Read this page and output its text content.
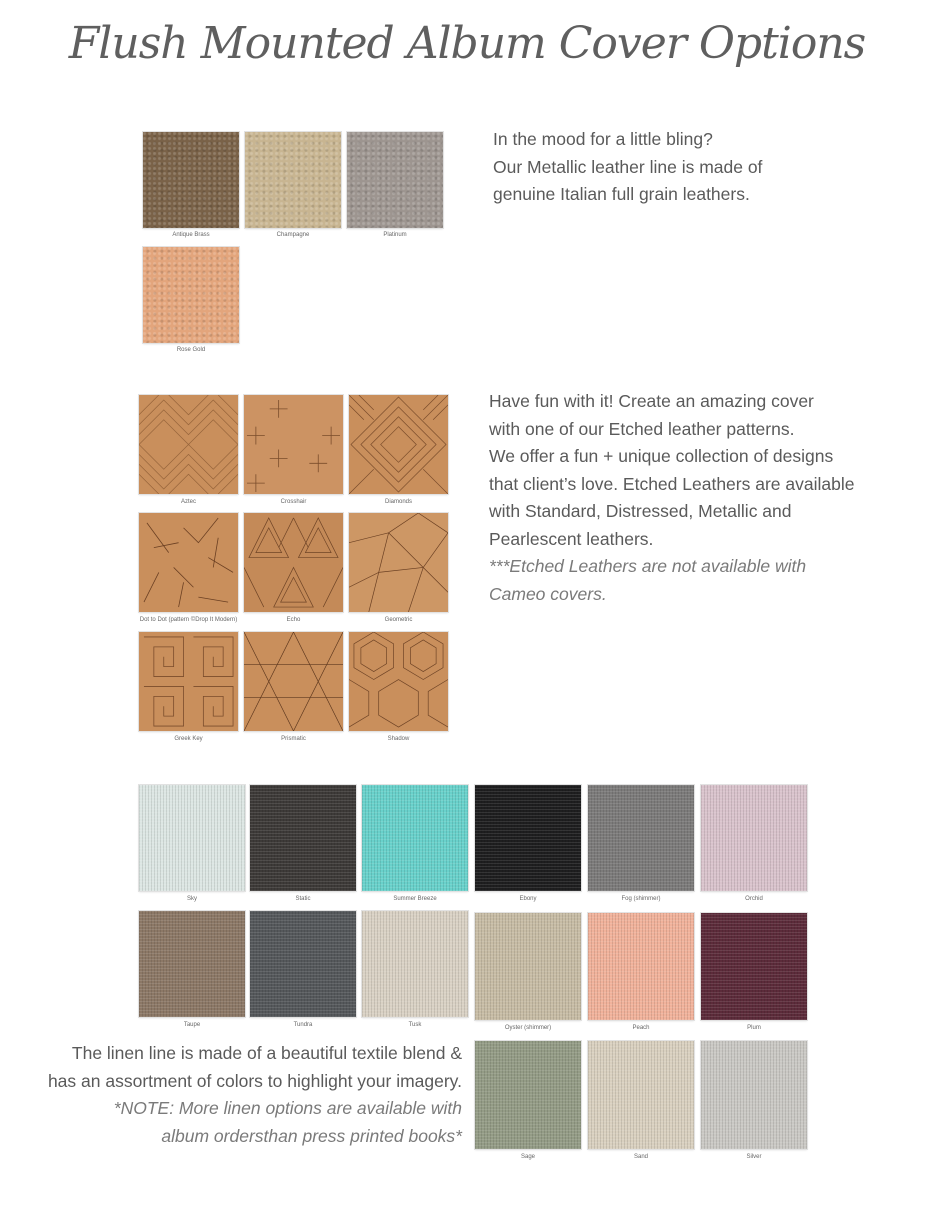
Flush Mounted Album Cover Options
Antique Brass	Champagne	Platinum
Rose Gold
In the mood for a little bling?
Our Metallic leather line is made of
genuine Italian full grain leathers.
Aztec	Crosshair	Diamonds
Dot to Dot (pattern ©Drop It Modern)	Echo	Geometric
Greek Key	Prismatic	Shadow
Have fun with it! Create an amazing cover
with one of our Etched leather patterns.
We offer a fun + unique collection of designs
that client’s love. Etched Leathers are available
with Standard, Distressed, Metallic and
Pearlescent leathers.
***Etched Leathers are not available with
Cameo covers.
Sky	Static	Summer Breeze	Ebony	Fog (shimmer)	Orchid
Taupe	Tundra	Tusk	Oyster (shimmer)	Peach	Plum
Sage	Sand	Silver
The linen line is made of a beautiful textile blend &
has an assortment of colors to highlight your imagery.
*NOTE: More linen options are available with
album ordersthan press printed books*
